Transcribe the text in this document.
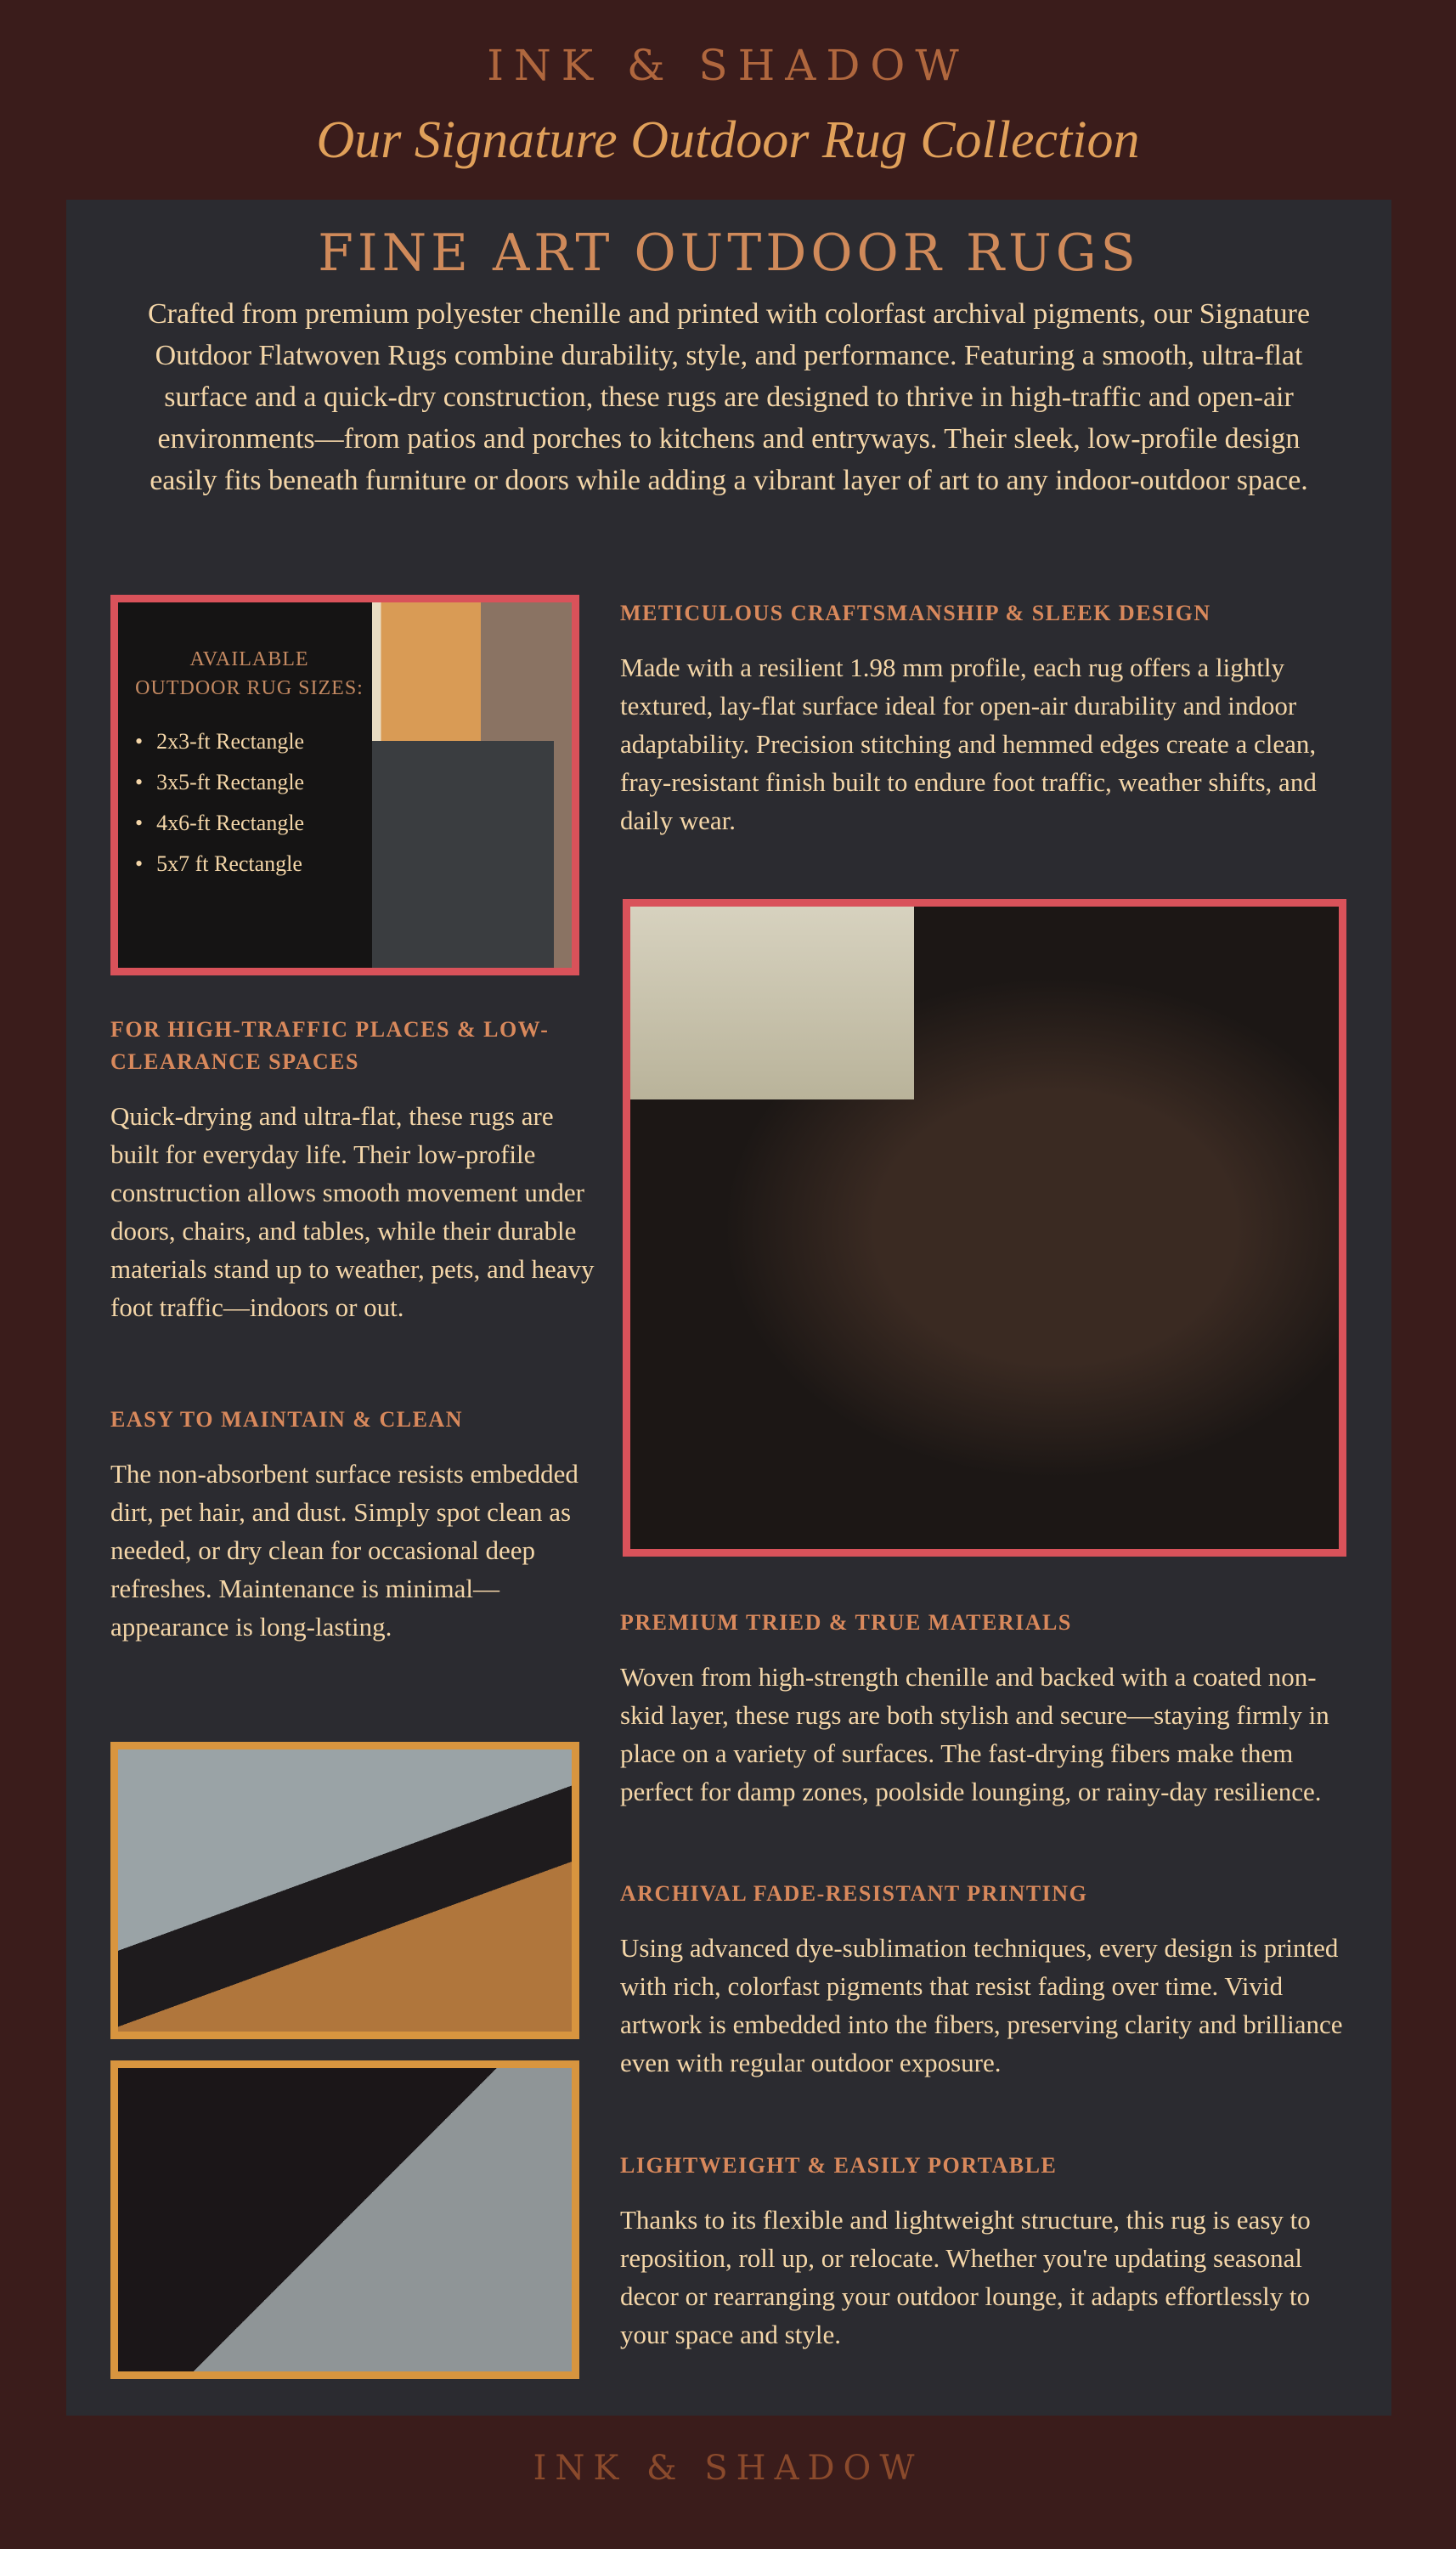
INK & SHADOW
Our Signature Outdoor Rug Collection
FINE ART OUTDOOR RUGS

Crafted from premium polyester chenille and printed with colorfast archival pigments, our Signature Outdoor Flatwoven Rugs combine durability, style, and performance. Featuring a smooth, ultra-flat surface and a quick-dry construction, these rugs are designed to thrive in high-traffic and open-air environments—from patios and porches to kitchens and entryways. Their sleek, low-profile design easily fits beneath furniture or doors while adding a vibrant layer of art to any indoor-outdoor space.

AVAILABLE OUTDOOR RUG SIZES:
• 2x3-ft Rectangle
• 3x5-ft Rectangle
• 4x6-ft Rectangle
• 5x7 ft Rectangle
METICULOUS CRAFTSMANSHIP & SLEEK DESIGN

Made with a resilient 1.98 mm profile, each rug offers a lightly textured, lay-flat surface ideal for open-air durability and indoor adaptability. Precision stitching and hemmed edges create a clean, fray-resistant finish built to endure foot traffic, weather shifts, and daily wear.

FOR HIGH-TRAFFIC PLACES & LOW-CLEARANCE SPACES

Quick-drying and ultra-flat, these rugs are built for everyday life. Their low-profile construction allows smooth movement under doors, chairs, and tables, while their durable materials stand up to weather, pets, and heavy foot traffic—indoors or out.

EASY TO MAINTAIN & CLEAN

The non-absorbent surface resists embedded dirt, pet hair, and dust. Simply spot clean as needed, or dry clean for occasional deep refreshes. Maintenance is minimal—appearance is long-lasting.	PREMIUM TRIED & TRUE MATERIALS

Woven from high-strength chenille and backed with a coated non-skid layer, these rugs are both stylish and secure—staying firmly in place on a variety of surfaces. The fast-drying fibers make them perfect for damp zones, poolside lounging, or rainy-day resilience.

ARCHIVAL FADE-RESISTANT PRINTING

Using advanced dye-sublimation techniques, every design is printed with rich, colorfast pigments that resist fading over time. Vivid artwork is embedded into the fibers, preserving clarity and brilliance even with regular outdoor exposure.

LIGHTWEIGHT & EASILY PORTABLE

Thanks to its flexible and lightweight structure, this rug is easy to reposition, roll up, or relocate. Whether you're updating seasonal decor or rearranging your outdoor lounge, it adapts effortlessly to your space and style.

INK & SHADOW
